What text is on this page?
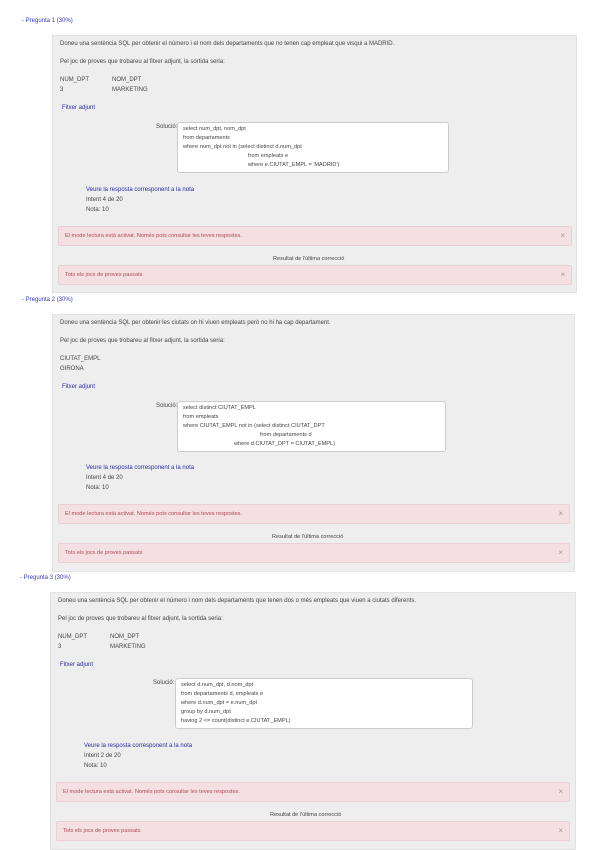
- Pregunta 1 (30%)
Doneu una sentència SQL per obtenir el número i el nom dels departaments que no tenen cap empleat que visqui a MADRID.
Pel joc de proves que trobareu al fitxer adjunt, la sortida seria:
NUM_DPT	NOM_DPT
3	MARKETING
Fitxer adjunt
Solució: select num_dpt, nom_dpt
from departaments
where num_dpt not in (select distinct d.num_dpt
from empleats e
where e.CIUTAT_EMPL = 'MADRID')
Veure la resposta corresponent a la nota
Intent 4 de 20
Nota: 10
El mode lectura està activat. Només pots consultar les teves respostes.	×
Resultat de l'última correcció
Tots els jocs de proves passats	×
- Pregunta 2 (30%)
Doneu una sentència SQL per obtenir les ciutats on hi viuen empleats però no hi ha cap departament.
Pel joc de proves que trobareu al fitxer adjunt, la sortida seria:
CIUTAT_EMPL
GIRONA
Fitxer adjunt
Solució: select distinct CIUTAT_EMPL
from empleats
where CIUTAT_EMPL not in (select distinct CIUTAT_DPT
from departaments d
where d.CIUTAT_DPT = CIUTAT_EMPL)
Veure la resposta corresponent a la nota
Intent 4 de 20
Nota: 10
El mode lectura està activat. Només pots consultar les teves respostes.	×
Resultat de l'última correcció
Tots els jocs de proves passats	×
- Pregunta 3 (30%)
Doneu una sentència SQL per obtenir el número i nom dels departaments que tenen dos o més empleats que viuen a ciutats diferents.
Pel joc de proves que trobareu al fitxer adjunt, la sortida seria:
NUM_DPT	NOM_DPT
3	MARKETING
Fitxer adjunt
Solució: select d.num_dpt, d.nom_dpt
from departaments d, empleats e
where d.num_dpt = e.num_dpt
group by d.num_dpt
having 2 <= count(distinct e.CIUTAT_EMPL)
Veure la resposta corresponent a la nota
Intent 2 de 20
Nota: 10
El mode lectura està activat. Només pots consultar les teves respostes.	×
Resultat de l'última correcció
Tots els jocs de proves passats	×
